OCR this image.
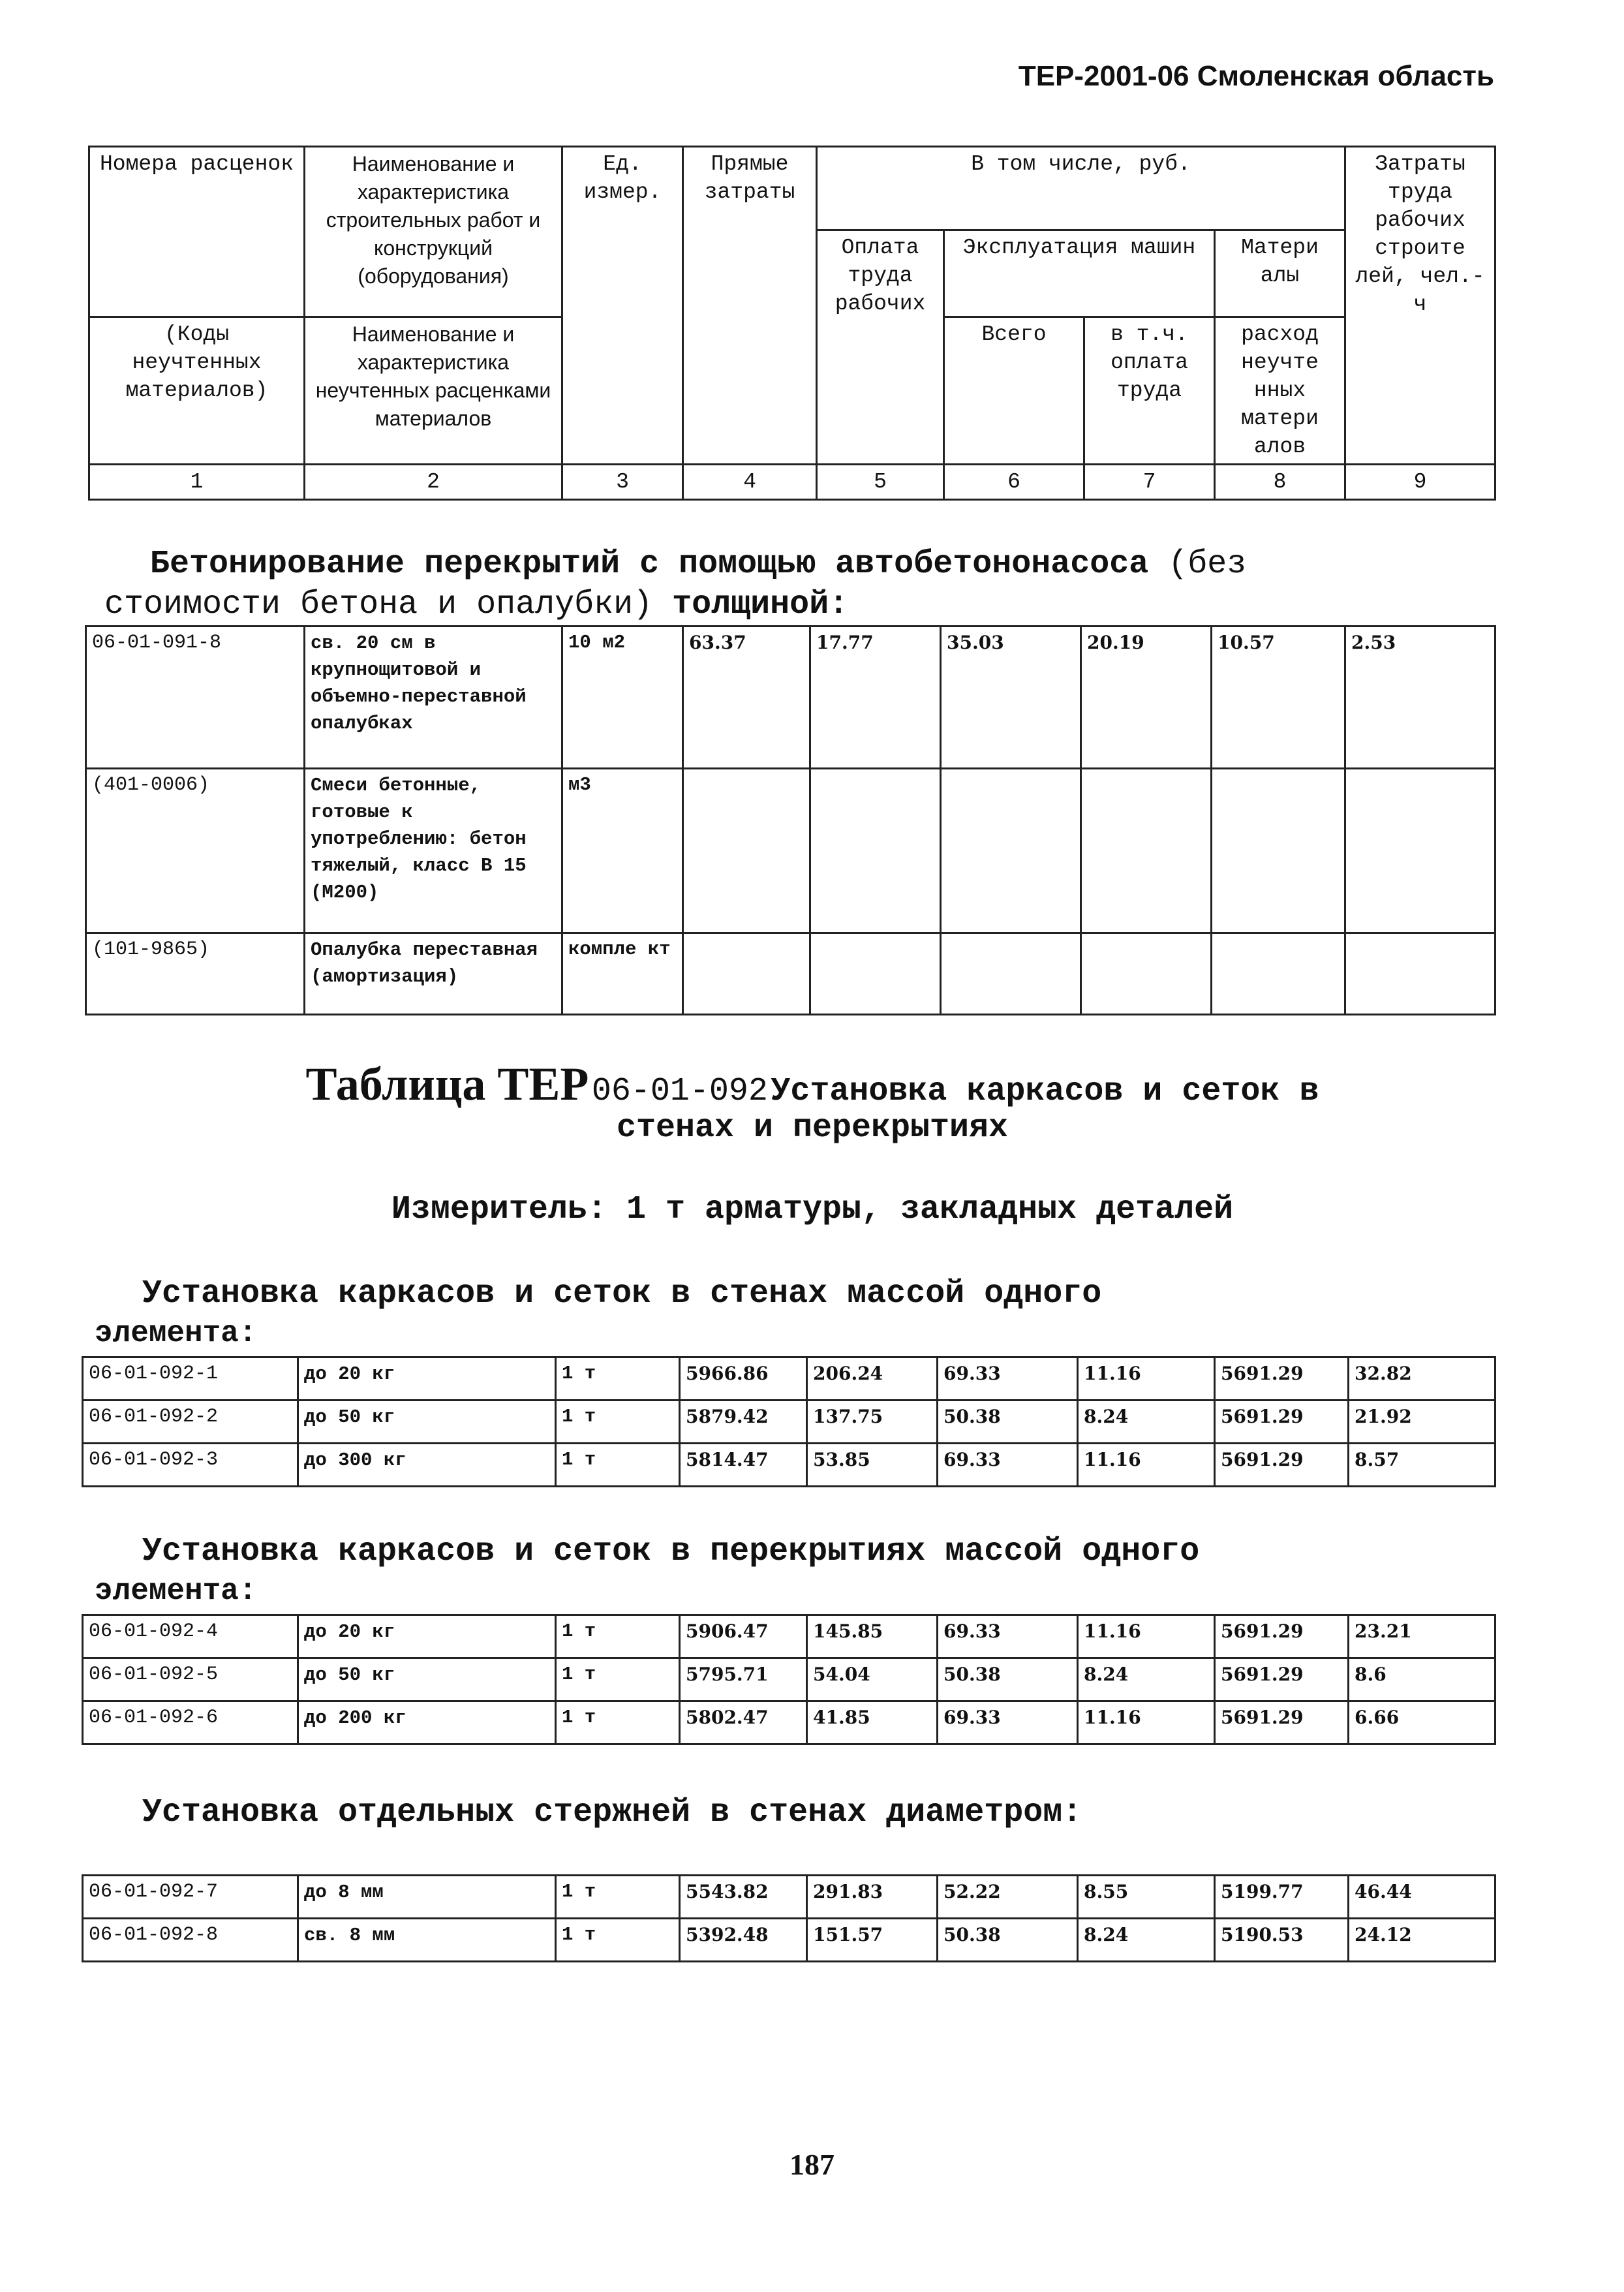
ТЕР-2001-06 Смоленская область
Номера расценок	Наименование и характеристика строительных работ и конструкций (оборудования)	Ед. измер.	Прямые затраты	В том числе, руб.				Затраты труда рабочих строите лей, чел.-ч
				Оплата труда рабочих	Эксплуатация машин		Матери алы	
(Коды неучтенных материалов)	Наименование и характеристика неучтенных расценками материалов				Всего	в т.ч. оплата труда	расход неучте нных матери алов	
1	2	3	4	5	6	7	8	9
Бетонирование перекрытий с помощью автобетононасоса (без
стоимости бетона и опалубки) толщиной:
06-01-091-8	св. 20 см в крупнощитовой и объемно-переставной опалубках	10 м2	63.37	17.77	35.03	20.19	10.57	2.53
(401-0006)	Смеси бетонные, готовые к употреблению: бетон тяжелый, класс В 15 (М200)	м3						
(101-9865)	Опалубка переставная (амортизация)	компле кт						
Таблица ТЕР 06-01-092 Установка каркасов и сеток в
стенах и перекрытиях
Измеритель: 1 т арматуры, закладных деталей
Установка каркасов и сеток в стенах массой одного
элемента:
06-01-092-1	до 20 кг	1 т	5966.86	206.24	69.33	11.16	5691.29	32.82
06-01-092-2	до 50 кг	1 т	5879.42	137.75	50.38	8.24	5691.29	21.92
06-01-092-3	до 300 кг	1 т	5814.47	53.85	69.33	11.16	5691.29	8.57
Установка каркасов и сеток в перекрытиях массой одного
элемента:
06-01-092-4	до 20 кг	1 т	5906.47	145.85	69.33	11.16	5691.29	23.21
06-01-092-5	до 50 кг	1 т	5795.71	54.04	50.38	8.24	5691.29	8.6
06-01-092-6	до 200 кг	1 т	5802.47	41.85	69.33	11.16	5691.29	6.66
Установка отдельных стержней в стенах диаметром:
06-01-092-7	до 8 мм	1 т	5543.82	291.83	52.22	8.55	5199.77	46.44
06-01-092-8	св. 8 мм	1 т	5392.48	151.57	50.38	8.24	5190.53	24.12
187
